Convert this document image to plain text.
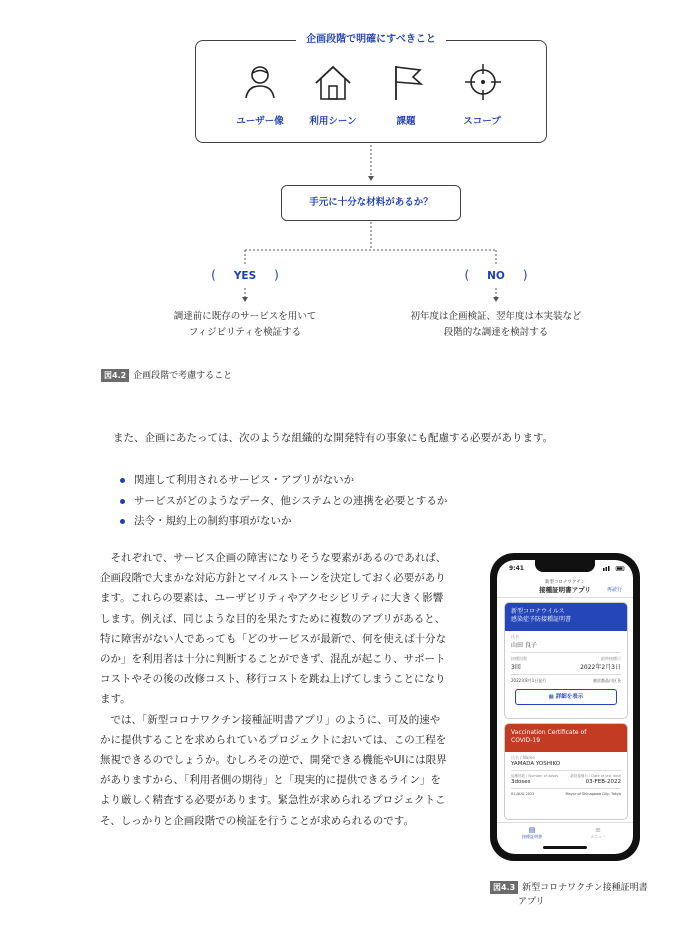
企画段階で明確にすべきこと
ユーザー像	利用シーン	課題	スコープ
手元に十分な材料があるか？
( YES )	( NO )
調達前に既存のサービスを用いて
フィジビリティを検証する
初年度は企画検証、翌年度は本実装など
段階的な調達を検討する
図4.2 企画段階で考慮すること
また、企画にあたっては、次のような組織的な開発特有の事象にも配慮する必要があります。
関連して利用されるサービス・アプリがないか
サービスがどのようなデータ、他システムとの連携を必要とするか
法令・規約上の制約事項がないか

それぞれで、サービス企画の障害になりそうな要素があるのであれば、企画段階で大まかな対応方針とマイルストーンを決定しておく必要があります。これらの要素は、ユーザビリティやアクセシビリティに大きく影響します。例えば、同じような目的を果たすために複数のアプリがあると、特に障害がない人であっても「どのサービスが最新で、何を使えば十分なのか」を利用者は十分に判断することができず、混乱が起こり、サポートコストやその後の改修コスト、移行コストを跳ね上げてしまうことになります。

では、「新型コロナワクチン接種証明書アプリ」のように、可及的速やかに提供することを求められているプロジェクトにおいては、この工程を無視できるのでしょうか。むしろその逆で、開発できる機能やUIには限界がありますから、「利用者側の期待」と「現実的に提供できるライン」をより厳しく精査する必要があります。緊急性が求められるプロジェクトこそ、しっかりと企画段階での検証を行うことが求められるのです。

9:41
新型コロナワクチン
接種証明書アプリ	再読行
新型コロナウイルス
感染症予防接種証明書
氏名
山田 良子
接種回数	最終接種日
3回	2022年2月3日
2022年8月1日発行	東京都品川区長
▦ 詳細を表示
Vaccination Certificate of
COVID-19
氏名 / Name
YAMADA YOSHIKO
接種回数 / Number of doses	最終接種日 / Date of last dose
3doses	03-FEB-2022
01-AUG-2022	Mayor of Shinagawa City, Tokyo
▤
接種証明書
≡
メニュー
図4.3 新型コロナワクチン接種証明書
アプリ
